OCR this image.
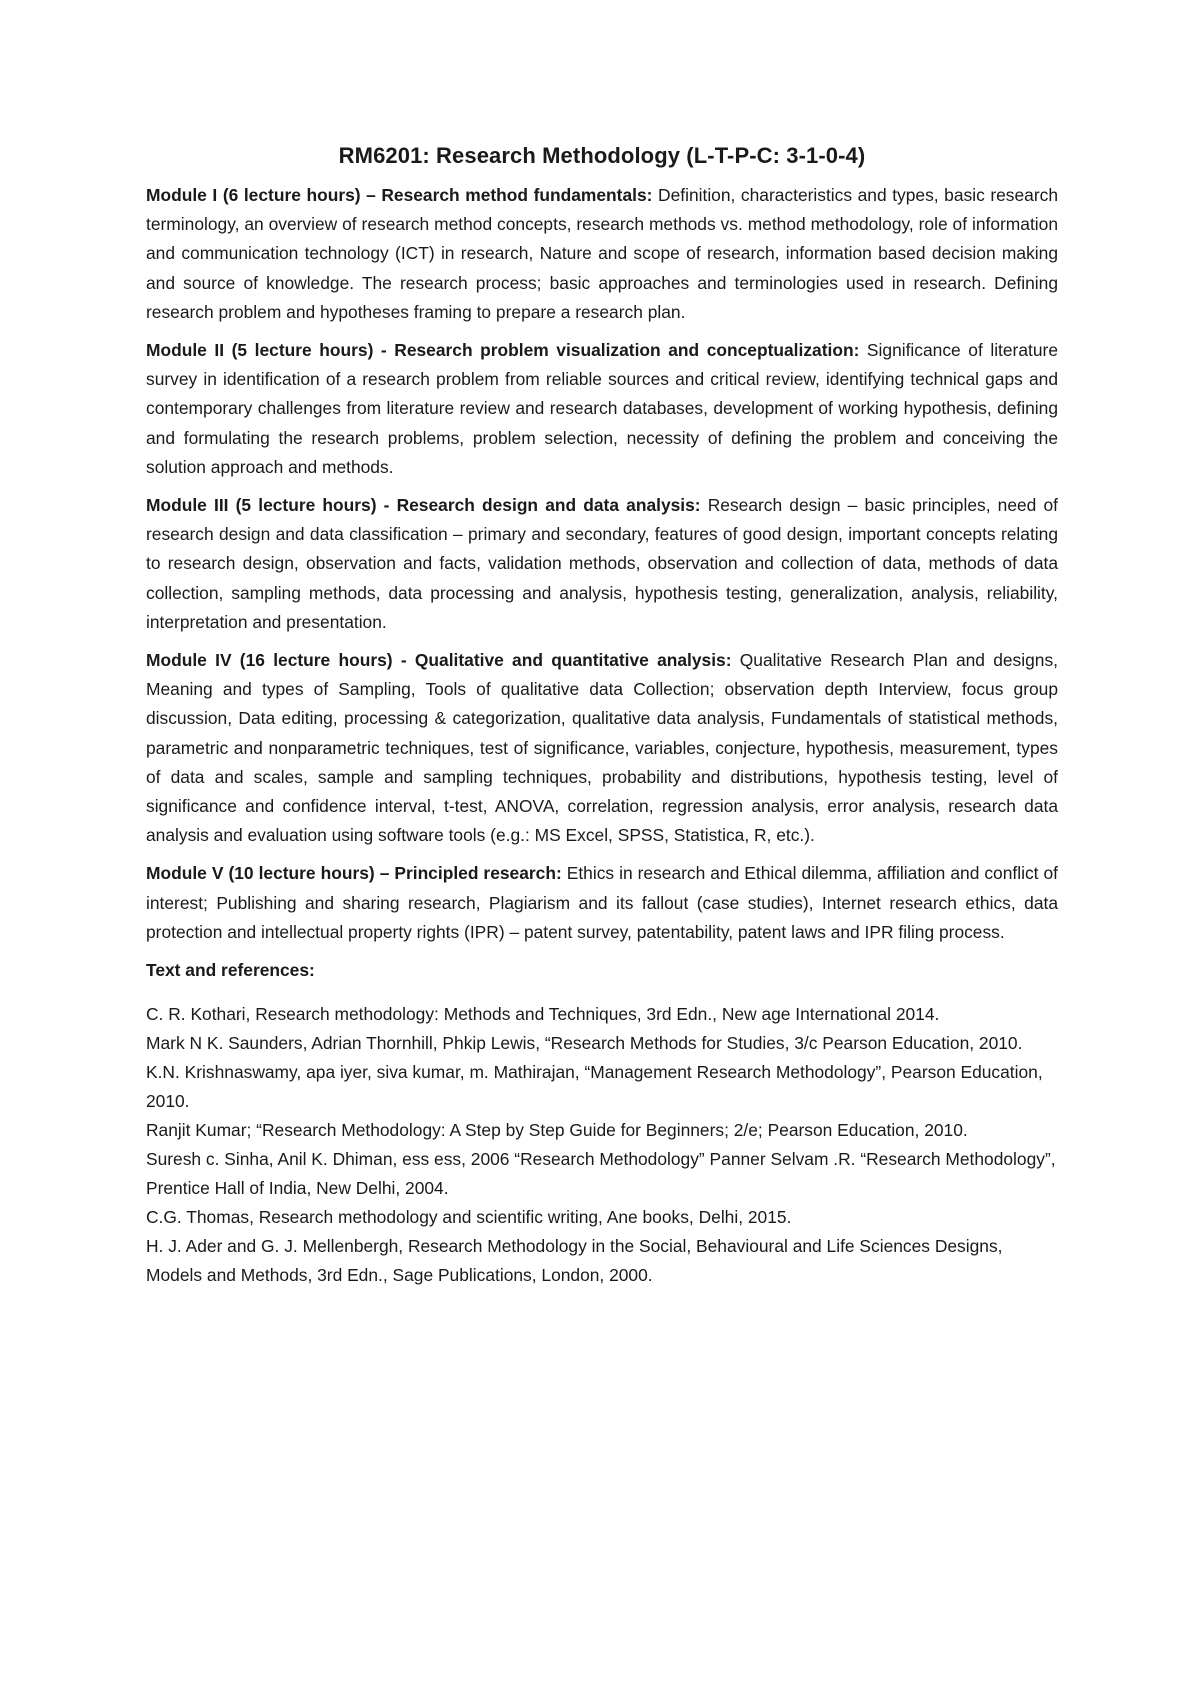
RM6201: Research Methodology (L-T-P-C: 3-1-0-4)

Module I (6 lecture hours) – Research method fundamentals: Definition, characteristics and types, basic research terminology, an overview of research method concepts, research methods vs. method methodology, role of information and communication technology (ICT) in research, Nature and scope of research, information based decision making and source of knowledge. The research process; basic approaches and terminologies used in research. Defining research problem and hypotheses framing to prepare a research plan.

Module II (5 lecture hours) - Research problem visualization and conceptualization: Significance of literature survey in identification of a research problem from reliable sources and critical review, identifying technical gaps and contemporary challenges from literature review and research databases, development of working hypothesis, defining and formulating the research problems, problem selection, necessity of defining the problem and conceiving the solution approach and methods.

Module III (5 lecture hours) - Research design and data analysis: Research design – basic principles, need of research design and data classification – primary and secondary, features of good design, important concepts relating to research design, observation and facts, validation methods, observation and collection of data, methods of data collection, sampling methods, data processing and analysis, hypothesis testing, generalization, analysis, reliability, interpretation and presentation.

Module IV (16 lecture hours) - Qualitative and quantitative analysis: Qualitative Research Plan and designs, Meaning and types of Sampling, Tools of qualitative data Collection; observation depth Interview, focus group discussion, Data editing, processing & categorization, qualitative data analysis, Fundamentals of statistical methods, parametric and nonparametric techniques, test of significance, variables, conjecture, hypothesis, measurement, types of data and scales, sample and sampling techniques, probability and distributions, hypothesis testing, level of significance and confidence interval, t-test, ANOVA, correlation, regression analysis, error analysis, research data analysis and evaluation using software tools (e.g.: MS Excel, SPSS, Statistica, R, etc.).

Module V (10 lecture hours) – Principled research: Ethics in research and Ethical dilemma, affiliation and conflict of interest; Publishing and sharing research, Plagiarism and its fallout (case studies), Internet research ethics, data protection and intellectual property rights (IPR) – patent survey, patentability, patent laws and IPR filing process.

Text and references:

C. R. Kothari, Research methodology: Methods and Techniques, 3rd Edn., New age International 2014.

Mark N K. Saunders, Adrian Thornhill, Phkip Lewis, “Research Methods for Studies, 3/c Pearson Education, 2010.

K.N. Krishnaswamy, apa iyer, siva kumar, m. Mathirajan, “Management Research Methodology”, Pearson Education, 2010.

Ranjit Kumar; “Research Methodology: A Step by Step Guide for Beginners; 2/e; Pearson Education, 2010.

Suresh c. Sinha, Anil K. Dhiman, ess ess, 2006 “Research Methodology” Panner Selvam .R. “Research Methodology”, Prentice Hall of India, New Delhi, 2004.

C.G. Thomas, Research methodology and scientific writing, Ane books, Delhi, 2015.

H. J. Ader and G. J. Mellenbergh, Research Methodology in the Social, Behavioural and Life Sciences Designs, Models and Methods, 3rd Edn., Sage Publications, London, 2000.
